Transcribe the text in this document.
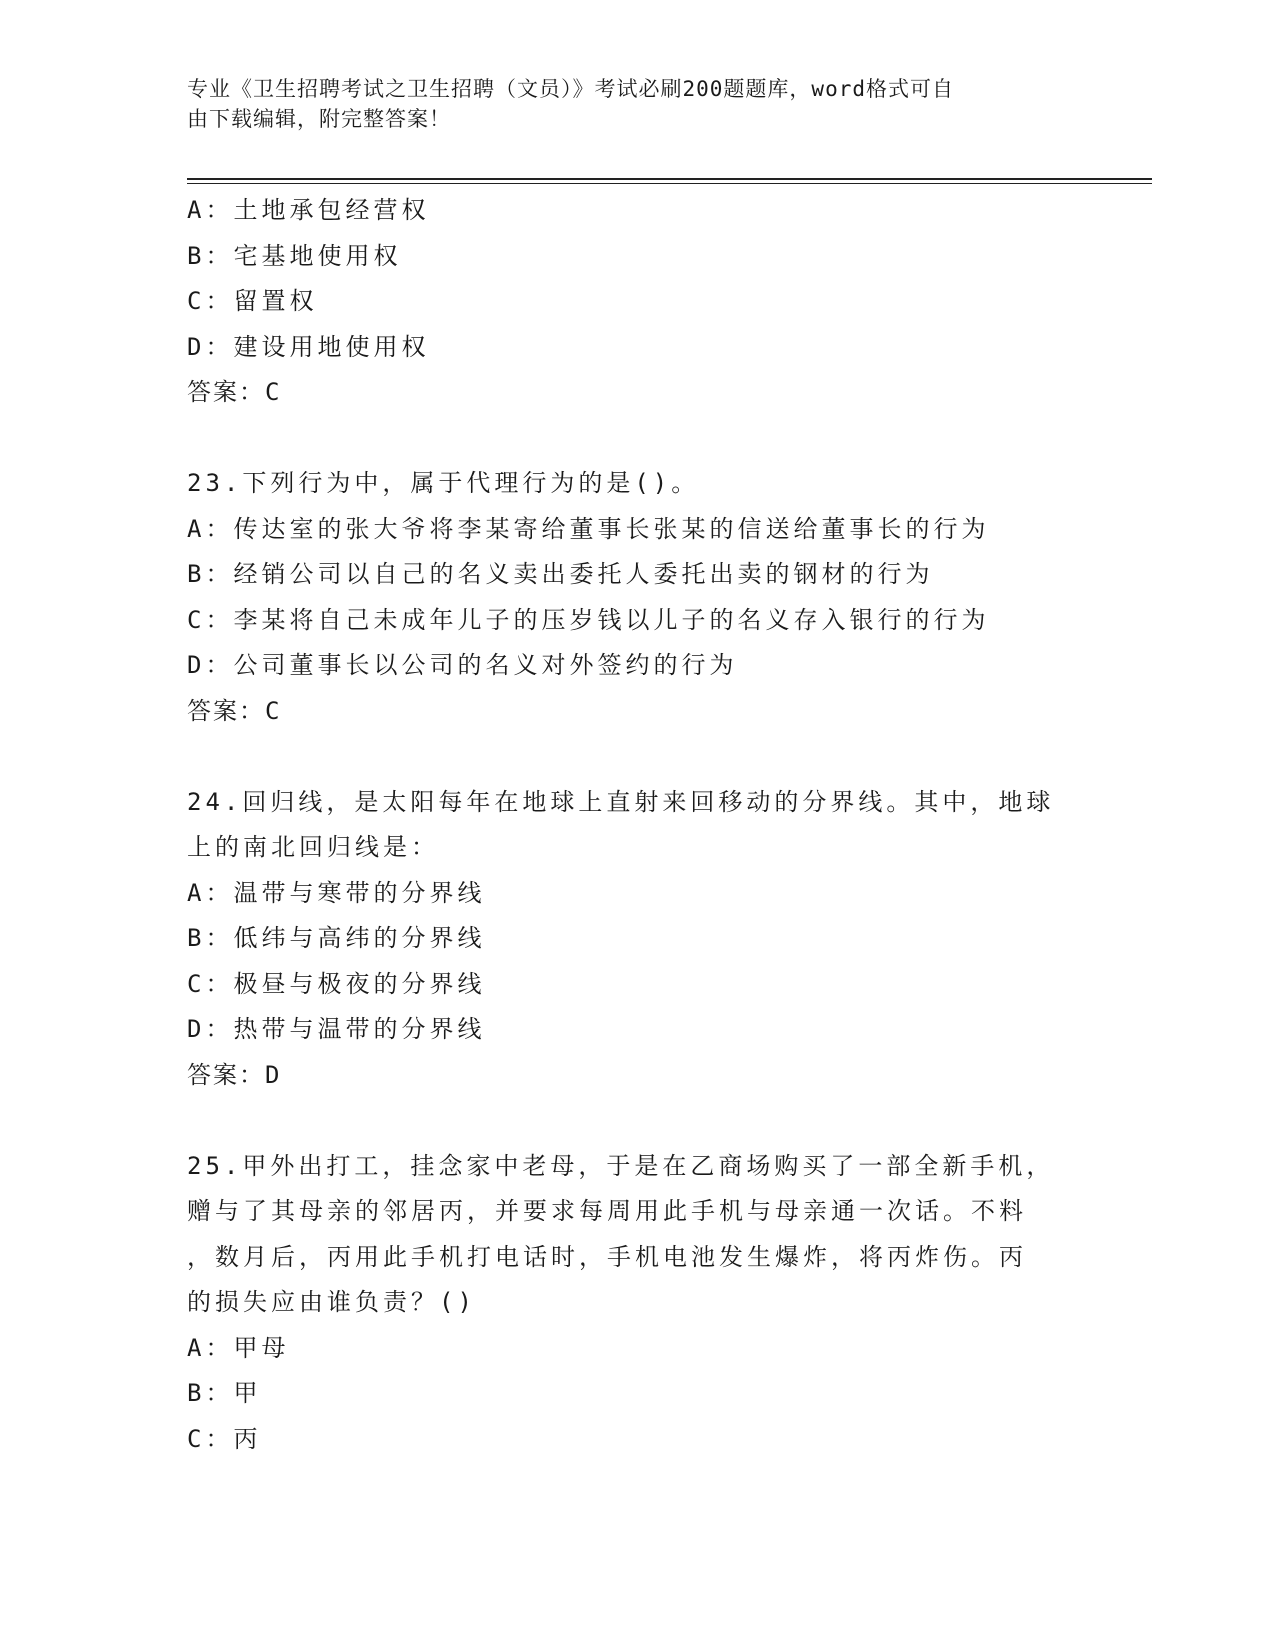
专业《卫生招聘考试之卫生招聘（文员）》考试必刷200题题库，word格式可自
由下载编辑，附完整答案！
A：土地承包经营权
B：宅基地使用权
C：留置权
D：建设用地使用权
答案：C
23.下列行为中，属于代理行为的是()。
A：传达室的张大爷将李某寄给董事长张某的信送给董事长的行为
B：经销公司以自己的名义卖出委托人委托出卖的钢材的行为
C：李某将自己未成年儿子的压岁钱以儿子的名义存入银行的行为
D：公司董事长以公司的名义对外签约的行为
答案：C
24.回归线，是太阳每年在地球上直射来回移动的分界线。其中，地球
上的南北回归线是：
A：温带与寒带的分界线
B：低纬与高纬的分界线
C：极昼与极夜的分界线
D：热带与温带的分界线
答案：D
25.甲外出打工，挂念家中老母，于是在乙商场购买了一部全新手机，
赠与了其母亲的邻居丙，并要求每周用此手机与母亲通一次话。不料
，数月后，丙用此手机打电话时，手机电池发生爆炸，将丙炸伤。丙
的损失应由谁负责？()
A：甲母
B：甲
C：丙
